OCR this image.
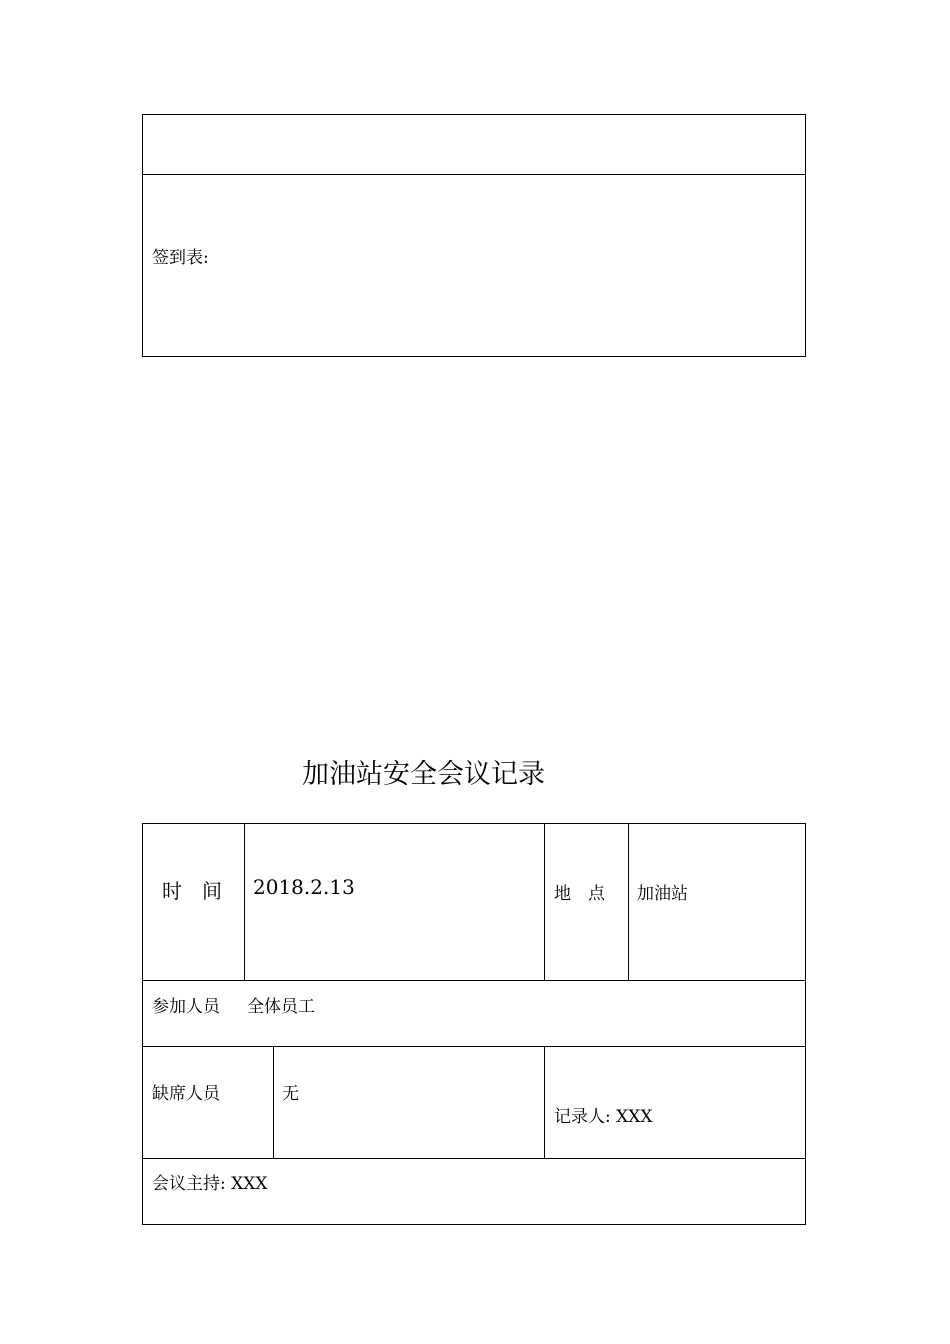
签到表:
加油站安全会议记录
时　间 2018.2.13	地　点 加油站
参加人员 全体员工
缺席人员	无
记录人: XXX
会议主持: XXX
